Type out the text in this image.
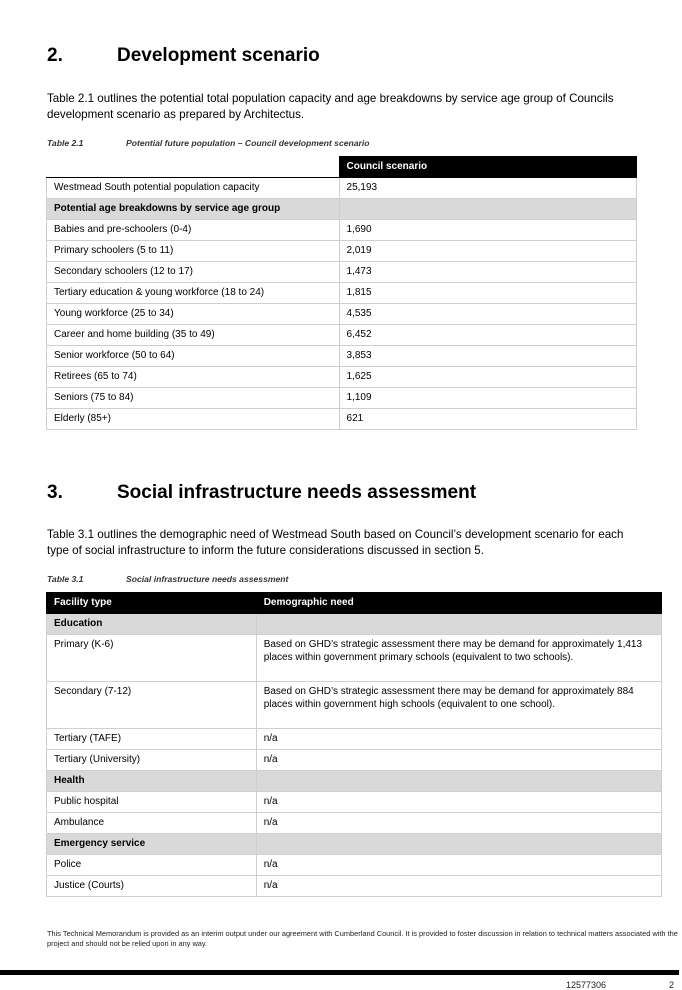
2.	Development scenario
Table 2.1 outlines the potential total population capacity and age breakdowns by service age group of Councils development scenario as prepared by Architectus.
Table 2.1	Potential future population – Council development scenario
	Council scenario
Westmead South potential population capacity	25,193
Potential age breakdowns by service age group	
Babies and pre-schoolers (0-4)	1,690
Primary schoolers (5 to 11)	2,019
Secondary schoolers (12 to 17)	1,473
Tertiary education & young workforce (18 to 24)	1,815
Young workforce (25 to 34)	4,535
Career and home building (35 to 49)	6,452
Senior workforce (50 to 64)	3,853
Retirees (65 to 74)	1,625
Seniors (75 to 84)	1,109
Elderly (85+)	621
3.	Social infrastructure needs assessment
Table 3.1 outlines the demographic need of Westmead South based on Council’s development scenario for each type of social infrastructure to inform the future considerations discussed in section 5.
Table 3.1	Social infrastructure needs assessment
Facility type	Demographic need
Education	
Primary (K-6)	Based on GHD’s strategic assessment there may be demand for approximately 1,413 places within government primary schools (equivalent to two schools).
Secondary (7-12)	Based on GHD’s strategic assessment there may be demand for approximately 884 places within government high schools (equivalent to one school).
Tertiary (TAFE)	n/a
Tertiary (University)	n/a
Health	
Public hospital	n/a
Ambulance	n/a
Emergency service	
Police	n/a
Justice (Courts)	n/a
This Technical Memorandum is provided as an interim output under our agreement with Cumberland Council. It is provided to foster discussion in relation to technical matters associated with the project and should not be relied upon in any way.
12577306	2
